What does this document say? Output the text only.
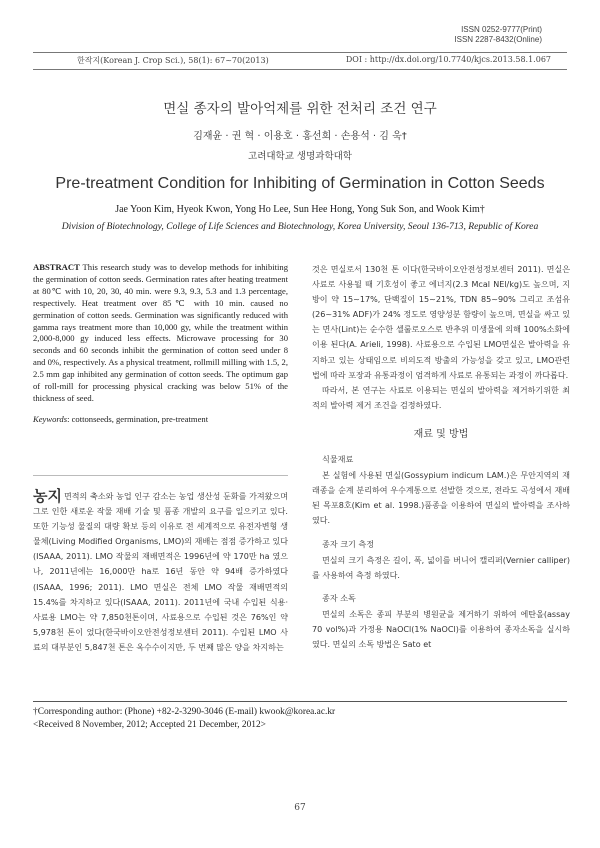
ISSN 0252-9777(Print)
ISSN 2287-8432(Online)
한작지(Korean J. Crop Sci.), 58(1): 67~70(2013)	DOI : http://dx.doi.org/10.7740/kjcs.2013.58.1.067
면실 종자의 발아억제를 위한 전처리 조건 연구
김재윤 · 권 혁 · 이용호 · 홍선희 · 손용석 · 김 욱†
고려대학교 생명과학대학
Pre-treatment Condition for Inhibiting of Germination in Cotton Seeds
Jae Yoon Kim, Hyeok Kwon, Yong Ho Lee, Sun Hee Hong, Yong Suk Son, and Wook Kim†
Division of Biotechnology, College of Life Sciences and Biotechnology, Korea University, Seoul 136-713, Republic of Korea
ABSTRACT This research study was to develop methods for inhibiting the germination of cotton seeds. Germination rates after heating treatment at 80℃ with 10, 20, 30, 40 min. were 9.3, 9.3, 5.3 and 1.3 percentage, respectively. Heat treatment over 85℃ with 10 min. caused no germination of cotton seeds. Germination was significantly reduced with gamma rays treatment more than 10,000 gy, while the treatment within 2,000-8,000 gy induced less effects. Microwave processing for 30 seconds and 60 seconds inhibit the germination of cotton seed under 8 and 0%, respectively. As a physical treatment, rollmill milling with 1.5, 2, 2.5 mm gap inhibited any germination of cotton seeds. The optimum gap of roll-mill for processing physical cracking was below 51% of the thickness of seed.
Keywords: cottonseeds, germination, pre-treatment

농지 면적의 축소와 농업 인구 감소는 농업 생산성 둔화를 가져왔으며 그로 인한 새로운 작물 재배 기술 및 품종 개발의 요구를 일으키고 있다. 또한 기능성 물질의 대량 확보 등의 이유로 전 세계적으로 유전자변형 생물체(Living Modified Organisms, LMO)의 재배는 점점 증가하고 있다(ISAAA, 2011). LMO 작물의 재배면적은 1996년에 약 170만 ha 였으나, 2011년에는 16,000만 ha로 16년 동안 약 94배 증가하였다(ISAAA, 1996; 2011). LMO 면실은 전체 LMO 작물 재배면적의 15.4%를 차지하고 있다(ISAAA, 2011). 2011년에 국내 수입된 식용·사료용 LMO는 약 7,850천톤이며, 사료용으로 수입된 것은 76%인 약 5,978천 톤이 었다(한국바이오안전성정보센터 2011). 수입된 LMO 사료의 대부분인 5,847천 톤은 옥수수이지만, 두 번째 많은 양을 차지하는

것은 면실로서 130천 톤 이다(한국바이오안전성정보센터 2011). 면실은 사료로 사용될 때 기호성이 좋고 에너지(2.3 Mcal NEl/kg)도 높으며, 지방이 약 15~17%, 단백질이 15~21%, TDN 85~90% 그리고 조섬유(26~31% ADF)가 24% 정도로 영양성분 함량이 높으며, 면실을 싸고 있는 면사(Lint)는 순수한 셀룰로오스로 반추위 미생물에 의해 100%소화에 이용 된다(A. Arieli, 1998). 사료용으로 수입된 LMO면실은 발아력을 유지하고 있는 상태임으로 비의도적 방출의 가능성을 갖고 있고, LMO관련법에 따라 포장과 유통과정이 엄격하게 사료로 유통되는 과정이 까다롭다.

따라서, 본 연구는 사료로 이용되는 면실의 발아력을 제거하기위한 최적의 발아력 제거 조건을 검정하였다.

재료 및 방법
식물재료

본 실험에 사용된 면실(Gossypium indicum LAM.)은 무안지역의 재래종을 순계 분리하여 우수계통으로 선발한 것으로, 전라도 곡성에서 재배된 목포8호(Kim et al. 1998.)품종을 이용하여 면실의 발아력을 조사하였다.

종자 크기 측정

면실의 크기 측정은 길이, 폭, 넓이를 버니어 캘리퍼(Vernier calliper)를 사용하여 측정 하였다.

종자 소독

면실의 소독은 종피 부분의 병원균을 제거하기 위하여 에탄올(assay 70 vol%)과 가정용 NaOCl(1% NaOCl)를 이용하여 종자소독을 실시하였다. 면실의 소독 방법은 Sato et

†Corresponding author: (Phone) +82-2-3290-3046 (E-mail) kwook@korea.ac.kr
<Received 8 November, 2012; Accepted 21 December, 2012>
67
